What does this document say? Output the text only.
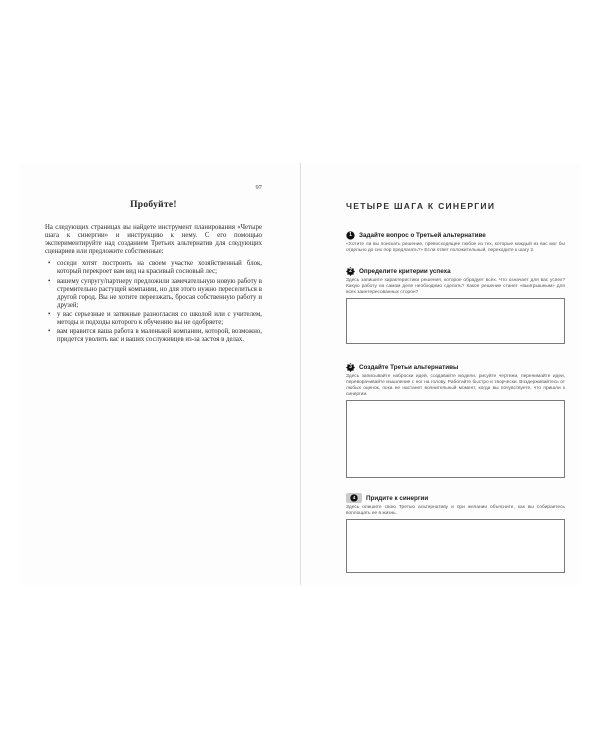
97
Пробуйте!

На следующих страницах вы найдете инструмент планирования «Четыре шага к синергии» и инструкцию к нему. С его помощью экспериментируйте над созданием Третьих альтернатив для следующих сценариев или предложите собственные:

• соседи хотят построить на своем участке хозяйственный блок, который перекроет вам вид на красивый сосновый лес;
• вашему супругу/партнеру предложили замечательную новую работу в стремительно растущей компании, но для этого нужно переселиться в другой город. Вы не хотите переезжать, бросая собственную работу и друзей;
• у вас серьезные и затяжные разногласия со школой или с учителем, методы и подходы которого к обучению вы не одобряете;
• вам нравится ваша работа в маленькой компании, которой, возможно, придется уволить вас и ваших сослуживцев из-за застоя в делах.
ЧЕТЫРЕ ШАГА К СИНЕРГИИ
1	Задайте вопрос о Третьей альтернативе

«Хотите ли вы поискать решение, превосходящее любое из тех, которые каждый из вас мог бы отдельно до сих пор предлагать?» Если ответ положительный, переходите к шагу 2.

2	Определите критерии успеха

Здесь запишите характеристики решения, которое обрадует всех. Что означает для вас успех? Какую работу на самом деле необходимо сделать? Какое решение станет «выигрышным» для всех заинтересованных сторон?

3	Создайте Третьи альтернативы

Здесь записывайте наброски идей, создавайте модели, рисуйте чертежи, перенимайте идеи, переворачивайте мышление с ног на голову. Работайте быстро и творчески. Воздерживайтесь от любых оценок, пока не настанет волнительный момент, когда вы почувствуете, что пришли к синергии.

4	Придите к синергии

Здесь опишите свою Третью альтернативу и при желании объясните, как вы собираетесь воплощать ее в жизнь.
